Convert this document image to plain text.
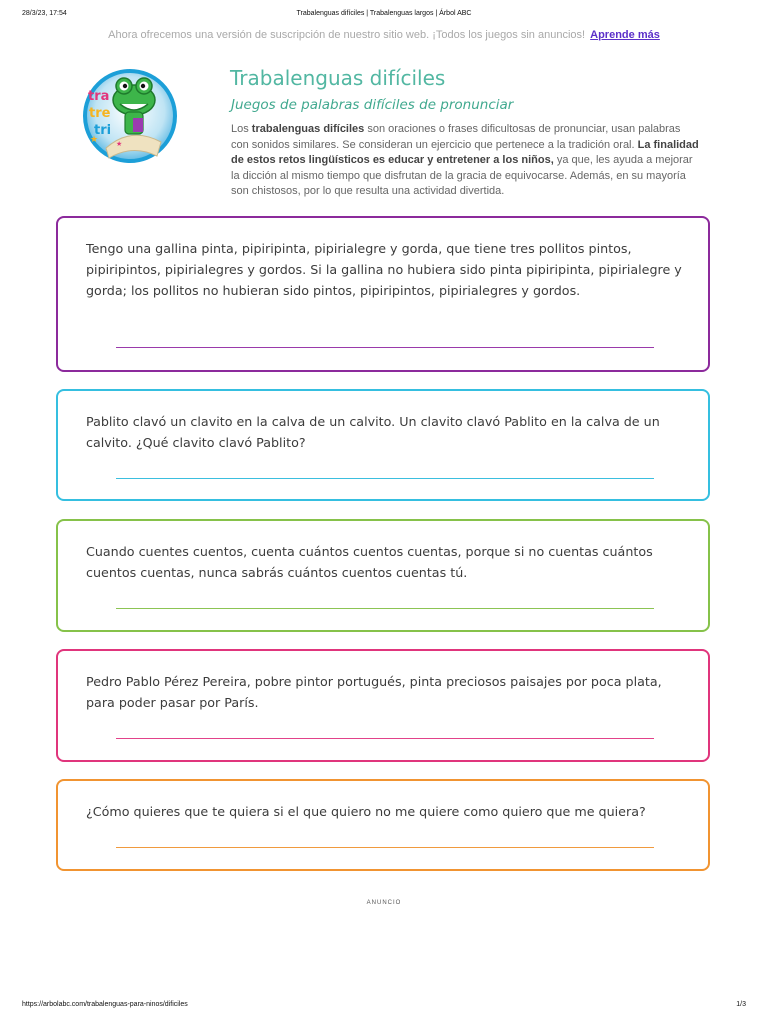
28/3/23, 17:54	Trabalenguas difíciles | Trabalenguas largos | Árbol ABC
Ahora ofrecemos una versión de suscripción de nuestro sitio web. ¡Todos los juegos sin anuncios! Aprende más
tra
tre
tri
★	★
Trabalenguas difíciles
Juegos de palabras difíciles de pronunciar

Los trabalenguas difíciles son oraciones o frases dificultosas de pronunciar, usan palabras con sonidos similares. Se consideran un ejercicio que pertenece a la tradición oral. La finalidad de estos retos lingüísticos es educar y entretener a los niños, ya que, les ayuda a mejorar la dicción al mismo tiempo que disfrutan de la gracia de equivocarse. Además, en su mayoría son chistosos, por lo que resulta una actividad divertida.

Tengo una gallina pinta, pipiripinta, pipirialegre y gorda, que tiene tres pollitos pintos, pipiripintos, pipirialegres y gordos. Si la gallina no hubiera sido pinta pipiripinta, pipirialegre y gorda; los pollitos no hubieran sido pintos, pipiripintos, pipirialegres y gordos.

Pablito clavó un clavito en la calva de un calvito. Un clavito clavó Pablito en la calva de un calvito. ¿Qué clavito clavó Pablito?

Cuando cuentes cuentos, cuenta cuántos cuentos cuentas, porque si no cuentas cuántos cuentos cuentas, nunca sabrás cuántos cuentos cuentas tú.

Pedro Pablo Pérez Pereira, pobre pintor portugués, pinta preciosos paisajes por poca plata, para poder pasar por París.

¿Cómo quieres que te quiera si el que quiero no me quiere como quiero que me quiera?

ANUNCIO
https://arbolabc.com/trabalenguas-para-ninos/dificiles	1/3
